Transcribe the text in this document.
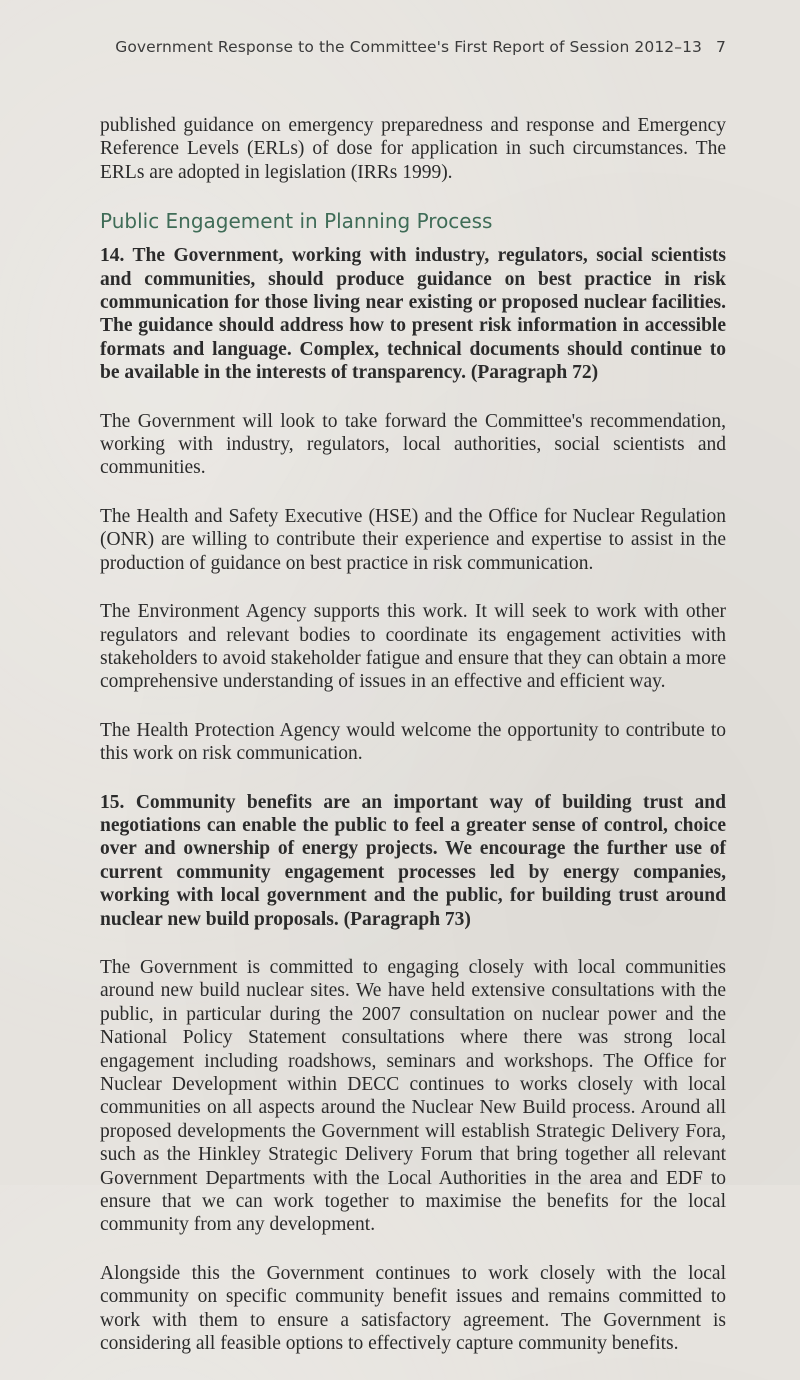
Government Response to the Committee's First Report of Session 2012–13 7

published guidance on emergency preparedness and response and Emergency Reference Levels (ERLs) of dose for application in such circumstances. The ERLs are adopted in legislation (IRRs 1999).

Public Engagement in Planning Process

14. The Government, working with industry, regulators, social scientists and communities, should produce guidance on best practice in risk communication for those living near existing or proposed nuclear facilities. The guidance should address how to present risk information in accessible formats and language. Complex, technical documents should continue to be available in the interests of transparency. (Paragraph 72)

The Government will look to take forward the Committee's recommendation, working with industry, regulators, local authorities, social scientists and communities.

The Health and Safety Executive (HSE) and the Office for Nuclear Regulation (ONR) are willing to contribute their experience and expertise to assist in the production of guidance on best practice in risk communication.

The Environment Agency supports this work. It will seek to work with other regulators and relevant bodies to coordinate its engagement activities with stakeholders to avoid stakeholder fatigue and ensure that they can obtain a more comprehensive understanding of issues in an effective and efficient way.

The Health Protection Agency would welcome the opportunity to contribute to this work on risk communication.

15. Community benefits are an important way of building trust and negotiations can enable the public to feel a greater sense of control, choice over and ownership of energy projects. We encourage the further use of current community engagement processes led by energy companies, working with local government and the public, for building trust around nuclear new build proposals. (Paragraph 73)

The Government is committed to engaging closely with local communities around new build nuclear sites. We have held extensive consultations with the public, in particular during the 2007 consultation on nuclear power and the National Policy Statement consultations where there was strong local engagement including roadshows, seminars and workshops. The Office for Nuclear Development within DECC continues to works closely with local communities on all aspects around the Nuclear New Build process. Around all proposed developments the Government will establish Strategic Delivery Fora, such as the Hinkley Strategic Delivery Forum that bring together all relevant Government Departments with the Local Authorities in the area and EDF to ensure that we can work together to maximise the benefits for the local community from any development.

Alongside this the Government continues to work closely with the local community on specific community benefit issues and remains committed to work with them to ensure a satisfactory agreement. The Government is considering all feasible options to effectively capture community benefits.
